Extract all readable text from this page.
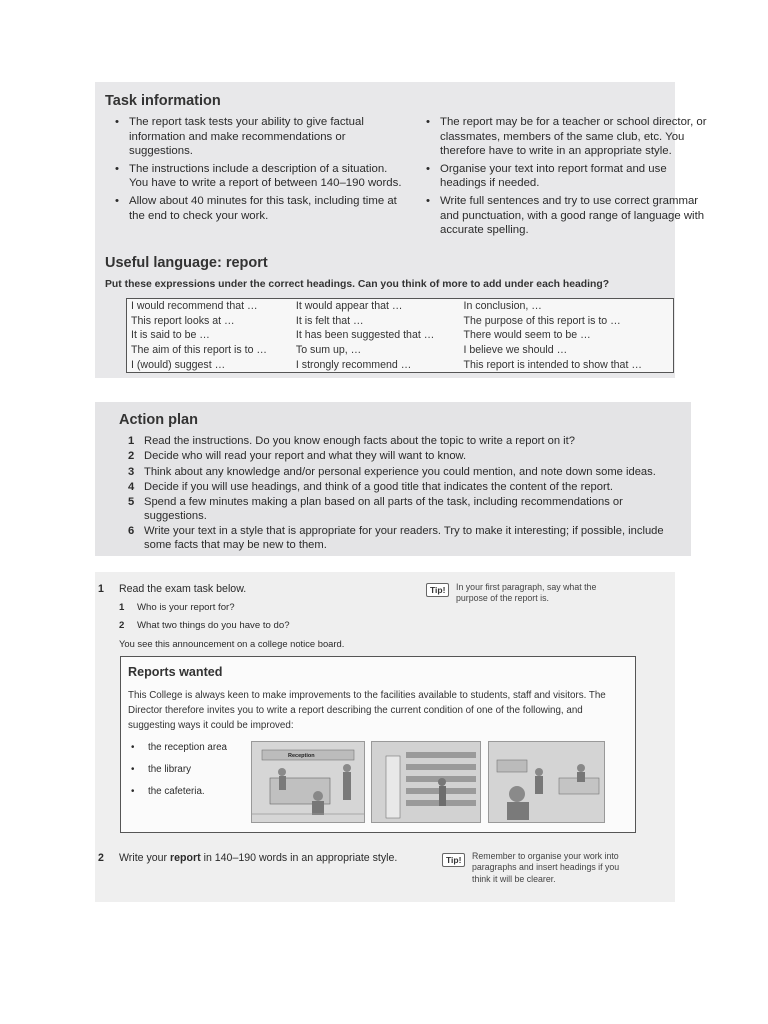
Task information
• The report task tests your ability to give factual information and make recommendations or suggestions.
• The instructions include a description of a situation. You have to write a report of between 140–190 words.
• Allow about 40 minutes for this task, including time at the end to check your work.
• The report may be for a teacher or school director, or classmates, members of the same club, etc. You therefore have to write in an appropriate style.
• Organise your text into report format and use headings if needed.
• Write full sentences and try to use correct grammar and punctuation, with a good range of language with accurate spelling.
Useful language: report
Put these expressions under the correct headings. Can you think of more to add under each heading?
I would recommend that …	It would appear that …	In conclusion, …
This report looks at …	It is felt that …	The purpose of this report is to …
It is said to be …	It has been suggested that …	There would seem to be …
The aim of this report is to …	To sum up, …	I believe we should …
I (would) suggest …	I strongly recommend …	This report is intended to show that …
Action plan
1 Read the instructions. Do you know enough facts about the topic to write a report on it?
2 Decide who will read your report and what they will want to know.
3 Think about any knowledge and/or personal experience you could mention, and note down some ideas.
4 Decide if you will use headings, and think of a good title that indicates the content of the report.
5 Spend a few minutes making a plan based on all parts of the task, including recommendations or suggestions.
6 Write your text in a style that is appropriate for your readers. Try to make it interesting; if possible, include some facts that may be new to them.
1 Read the exam task below.
1 Who is your report for?
2 What two things do you have to do?
You see this announcement on a college notice board.
Tip!	In your first paragraph, say what the purpose of the report is.
Reports wanted
This College is always keen to make improvements to the facilities available to students, staff and visitors. The Director therefore invites you to write a report describing the current condition of one of the following, and suggesting ways it could be improved:
• the reception area
• the library
• the cafeteria.
Reception
2 Write your report in 140–190 words in an appropriate style.	Tip!	Remember to organise your work into paragraphs and insert headings if you think it will be clearer.
